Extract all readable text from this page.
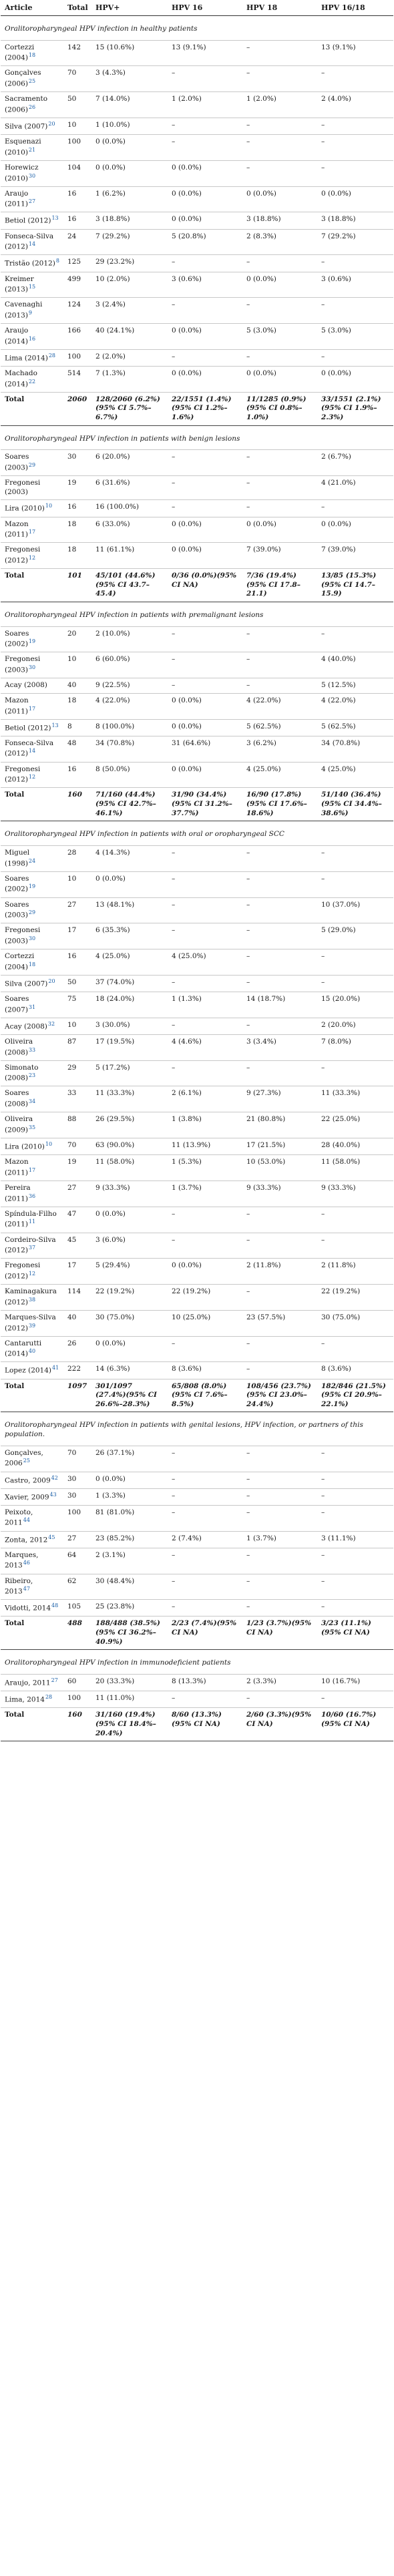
Article	Total	HPV+	HPV 16	HPV 18	HPV 16/18
Oralitoropharyngeal HPV infection in healthy patients					
Cortezzi (2004)$^{18}$	142	15 (10.6%)	13 (9.1%)	–	13 (9.1%)
Gonçalves (2006)$^{25}$	70	3 (4.3%)	–	–	–
Sacramento (2006)$^{26}$	50	7 (14.0%)	1 (2.0%)	1 (2.0%)	2 (4.0%)
Silva (2007)$^{20}$	10	1 (10.0%)	–	–	–
Esquenazi (2010)$^{21}$	100	0 (0.0%)	–	–	–
Horewicz (2010)$^{30}$	104	0 (0.0%)	0 (0.0%)	–	–
Araujo (2011)$^{27}$	16	1 (6.2%)	0 (0.0%)	0 (0.0%)	0 (0.0%)
Betiol (2012)$^{13}$	16	3 (18.8%)	0 (0.0%)	3 (18.8%)	3 (18.8%)
Fonseca-Silva (2012)$^{14}$	24	7 (29.2%)	5 (20.8%)	2 (8.3%)	7 (29.2%)
Tristão (2012)$^8$	125	29 (23.2%)	–	–	–
Kreimer (2013)$^{15}$	499	10 (2.0%)	3 (0.6%)	0 (0.0%)	3 (0.6%)
Cavenaghi (2013)$^9$	124	3 (2.4%)	–	–	–
Araujo (2014)$^{16}$	166	40 (24.1%)	0 (0.0%)	5 (3.0%)	5 (3.0%)
Lima (2014)$^{28}$	100	2 (2.0%)	–	–	–
Machado (2014)$^{22}$	514	7 (1.3%)	0 (0.0%)	0 (0.0%)	0 (0.0%)
Total	2060	128/2060 (6.2%)(95% CI 5.7%–6.7%)	22/1551 (1.4%)(95% CI 1.2%–1.6%)	11/1285 (0.9%)(95% CI 0.8%–1.0%)	33/1551 (2.1%)(95% CI 1.9%–2.3%)
Oralitoropharyngeal HPV infection in patients with benign lesions					
Soares (2003)$^{29}$	30	6 (20.0%)	–	–	2 (6.7%)
Fregonesi (2003)	19	6 (31.6%)	–	–	4 (21.0%)
Lira (2010)$^{10}$	16	16 (100.0%)	–	–	–
Mazon (2011)$^{17}$	18	6 (33.0%)	0 (0.0%)	0 (0.0%)	0 (0.0%)
Fregonesi (2012)$^{12}$	18	11 (61.1%)	0 (0.0%)	7 (39.0%)	7 (39.0%)
Total	101	45/101 (44.6%)(95% CI 43.7–45.4)	0/36 (0.0%)(95% CI NA)	7/36 (19.4%)(95% CI 17.8–21.1)	13/85 (15.3%)(95% CI 14.7–15.9)
Oralitoropharyngeal HPV infection in patients with premalignant lesions					
Soares (2002)$^{19}$	20	2 (10.0%)	–	–	–
Fregonesi (2003)$^{30}$	10	6 (60.0%)	–	–	4 (40.0%)
Acay (2008)	40	9 (22.5%)	–	–	5 (12.5%)
Mazon (2011)$^{17}$	18	4 (22.0%)	0 (0.0%)	4 (22.0%)	4 (22.0%)
Betiol (2012)$^{13}$	8	8 (100.0%)	0 (0.0%)	5 (62.5%)	5 (62.5%)
Fonseca-Silva (2012)$^{14}$	48	34 (70.8%)	31 (64.6%)	3 (6.2%)	34 (70.8%)
Fregonesi (2012)$^{12}$	16	8 (50.0%)	0 (0.0%)	4 (25.0%)	4 (25.0%)
Total	160	71/160 (44.4%)(95% CI 42.7%–46.1%)	31/90 (34.4%)(95% CI 31.2%–37.7%)	16/90 (17.8%)(95% CI 17.6%–18.6%)	51/140 (36.4%)(95% CI 34.4%–38.6%)
Oralitoropharyngeal HPV infection in patients with oral or oropharyngeal SCC					
Miguel (1998)$^{24}$	28	4 (14.3%)	–	–	–
Soares (2002)$^{19}$	10	0 (0.0%)	–	–	–
Soares (2003)$^{29}$	27	13 (48.1%)	–	–	10 (37.0%)
Fregonesi (2003)$^{30}$	17	6 (35.3%)	–	–	5 (29.0%)
Cortezzi (2004)$^{18}$	16	4 (25.0%)	4 (25.0%)	–	–
Silva (2007)$^{20}$	50	37 (74.0%)	–	–	–
Soares (2007)$^{31}$	75	18 (24.0%)	1 (1.3%)	14 (18.7%)	15 (20.0%)
Acay (2008)$^{32}$	10	3 (30.0%)	–	–	2 (20.0%)
Oliveira (2008)$^{33}$	87	17 (19.5%)	4 (4.6%)	3 (3.4%)	7 (8.0%)
Simonato (2008)$^{23}$	29	5 (17.2%)	–	–	–
Soares (2008)$^{34}$	33	11 (33.3%)	2 (6.1%)	9 (27.3%)	11 (33.3%)
Oliveira (2009)$^{35}$	88	26 (29.5%)	1 (3.8%)	21 (80.8%)	22 (25.0%)
Lira (2010)$^{10}$	70	63 (90.0%)	11 (13.9%)	17 (21.5%)	28 (40.0%)
Mazon (2011)$^{17}$	19	11 (58.0%)	1 (5.3%)	10 (53.0%)	11 (58.0%)
Pereira (2011)$^{36}$	27	9 (33.3%)	1 (3.7%)	9 (33.3%)	9 (33.3%)
Spíndula-Filho (2011)$^{11}$	47	0 (0.0%)	–	–	–
Cordeiro-Silva (2012)$^{37}$	45	3 (6.0%)	–	–	–
Fregonesi (2012)$^{12}$	17	5 (29.4%)	0 (0.0%)	2 (11.8%)	2 (11.8%)
Kaminagakura (2012)$^{38}$	114	22 (19.2%)	22 (19.2%)	–	22 (19.2%)
Marques-Silva (2012)$^{39}$	40	30 (75.0%)	10 (25.0%)	23 (57.5%)	30 (75.0%)
Cantarutti (2014)$^{40}$	26	0 (0.0%)	–	–	–
Lopez (2014)$^{41}$	222	14 (6.3%)	8 (3.6%)	–	8 (3.6%)
Total	1097	301/1097 (27.4%)(95% CI 26.6%–28.3%)	65/808 (8.0%)(95% CI 7.6%–8.5%)	108/456 (23.7%)(95% CI 23.0%–24.4%)	182/846 (21.5%)(95% CI 20.9%–22.1%)
Oralitoropharyngeal HPV infection in patients with genital lesions, HPV infection, or partners of this population.					
Gonçalves, 2006$^{25}$	70	26 (37.1%)	–	–	–
Castro, 2009$^{42}$	30	0 (0.0%)	–	–	–
Xavier, 2009$^{43}$	30	1 (3.3%)	–	–	–
Peixoto, 2011$^{44}$	100	81 (81.0%)	–	–	–
Zonta, 2012$^{45}$	27	23 (85.2%)	2 (7.4%)	1 (3.7%)	3 (11.1%)
Marques, 2013$^{46}$	64	2 (3.1%)	–	–	–
Ribeiro, 2013$^{47}$	62	30 (48.4%)	–	–	–
Vidotti, 2014$^{48}$	105	25 (23.8%)	–	–	–
Total	488	188/488 (38.5%)(95% CI 36.2%–40.9%)	2/23 (7.4%)(95% CI NA)	1/23 (3.7%)(95% CI NA)	3/23 (11.1%)(95% CI NA)
Oralitoropharyngeal HPV infection in immunodeficient patients					
Araujo, 2011$^{27}$	60	20 (33.3%)	8 (13.3%)	2 (3.3%)	10 (16.7%)
Lima, 2014$^{28}$	100	11 (11.0%)	–	–	–
Total	160	31/160 (19.4%)(95% CI 18.4%–20.4%)	8/60 (13.3%)(95% CI NA)	2/60 (3.3%)(95% CI NA)	10/60 (16.7%)(95% CI NA)
